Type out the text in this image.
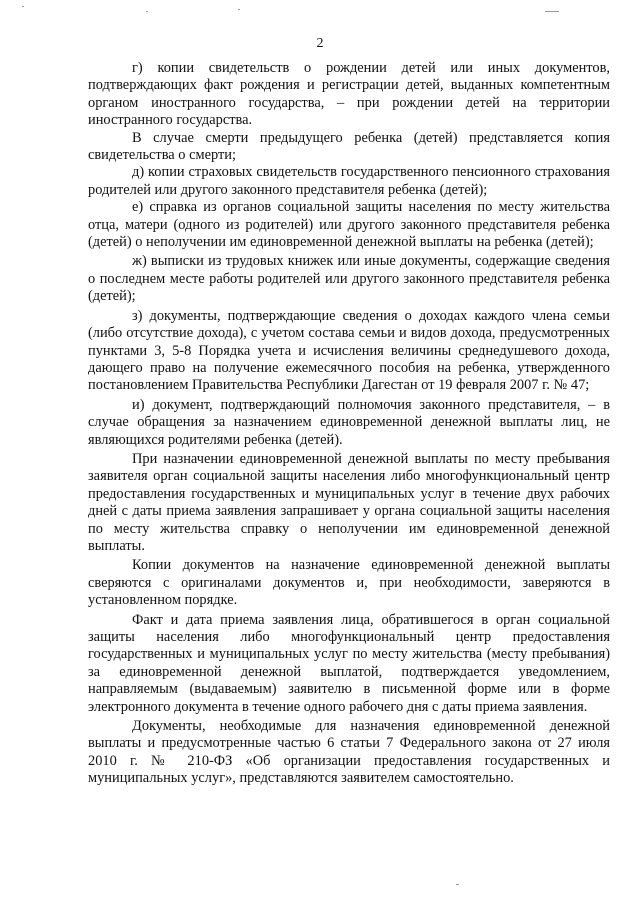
2

г) копии свидетельств о рождении детей или иных документов, подтверждающих факт рождения и регистрации детей, выданных компетентным органом иностранного государства, – при рождении детей на территории иностранного государства.

В случае смерти предыдущего ребенка (детей) представляется копия свидетельства о смерти;

д) копии страховых свидетельств государственного пенсионного страхования родителей или другого законного представителя ребенка (детей);

е) справка из органов социальной защиты населения по месту жительства отца, матери (одного из родителей) или другого законного представителя ребенка (детей) о неполучении им единовременной денежной выплаты на ребенка (детей);

ж) выписки из трудовых книжек или иные документы, содержащие сведения о последнем месте работы родителей или другого законного представителя ребенка (детей);

з) документы, подтверждающие сведения о доходах каждого члена семьи (либо отсутствие дохода), с учетом состава семьи и видов дохода, предусмотренных пунктами 3, 5-8 Порядка учета и исчисления величины среднедушевого дохода, дающего право на получение ежемесячного пособия на ребенка, утвержденного постановлением Правительства Республики Дагестан от 19 февраля 2007 г. № 47;

и) документ, подтверждающий полномочия законного представителя, – в случае обращения за назначением единовременной денежной выплаты лиц, не являющихся родителями ребенка (детей).

При назначении единовременной денежной выплаты по месту пребывания заявителя орган социальной защиты населения либо многофункциональный центр предоставления государственных и муниципальных услуг в течение двух рабочих дней с даты приема заявления запрашивает у органа социальной защиты населения по месту жительства справку о неполучении им единовременной денежной выплаты.

Копии документов на назначение единовременной денежной выплаты сверяются с оригиналами документов и, при необходимости, заверяются в установленном порядке.

Факт и дата приема заявления лица, обратившегося в орган социальной защиты населения либо многофункциональный центр предоставления государственных и муниципальных услуг по месту жительства (месту пребывания) за единовременной денежной выплатой, подтверждается уведомлением, направляемым (выдаваемым) заявителю в письменной форме или в форме электронного документа в течение одного рабочего дня с даты приема заявления.

Документы, необходимые для назначения единовременной денежной выплаты и предусмотренные частью 6 статьи 7 Федерального закона от 27 июля 2010 г. № 210-ФЗ «Об организации предоставления государственных и муниципальных услуг», представляются заявителем самостоятельно.
